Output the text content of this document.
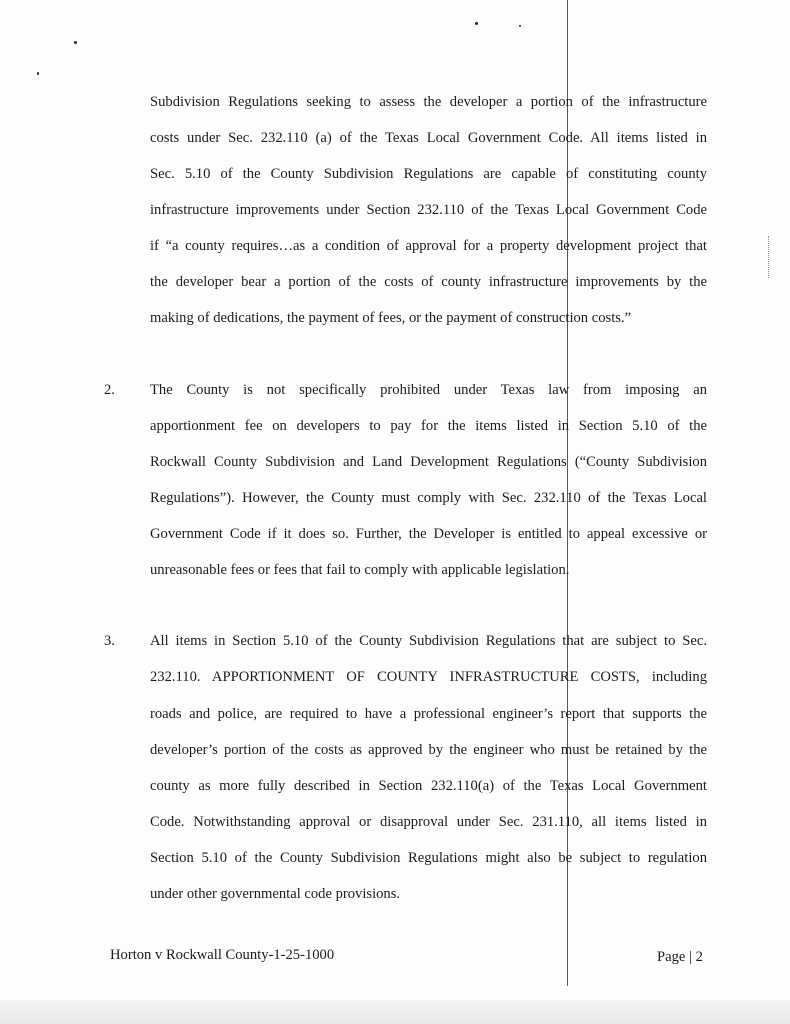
Subdivision Regulations seeking to assess the developer a portion of the infrastructure
costs under Sec. 232.110 (a) of the Texas Local Government Code. All items listed in
Sec. 5.10 of the County Subdivision Regulations are capable of constituting county
infrastructure improvements under Section 232.110 of the Texas Local Government Code
if “a county requires…as a condition of approval for a property development project that
the developer bear a portion of the costs of county infrastructure improvements by the
making of dedications, the payment of fees, or the payment of construction costs.”
2. The County is not specifically prohibited under Texas law from imposing an
apportionment fee on developers to pay for the items listed in Section 5.10 of the
Rockwall County Subdivision and Land Development Regulations (“County Subdivision
Regulations”). However, the County must comply with Sec. 232.110 of the Texas Local
Government Code if it does so. Further, the Developer is entitled to appeal excessive or
unreasonable fees or fees that fail to comply with applicable legislation.
3. All items in Section 5.10 of the County Subdivision Regulations that are subject to Sec.
232.110. APPORTIONMENT OF COUNTY INFRASTRUCTURE COSTS, including
roads and police, are required to have a professional engineer’s report that supports the
developer’s portion of the costs as approved by the engineer who must be retained by the
county as more fully described in Section 232.110(a) of the Texas Local Government
Code. Notwithstanding approval or disapproval under Sec. 231.110, all items listed in
Section 5.10 of the County Subdivision Regulations might also be subject to regulation
under other governmental code provisions.
Horton v Rockwall County-1-25-1000	Page | 2
